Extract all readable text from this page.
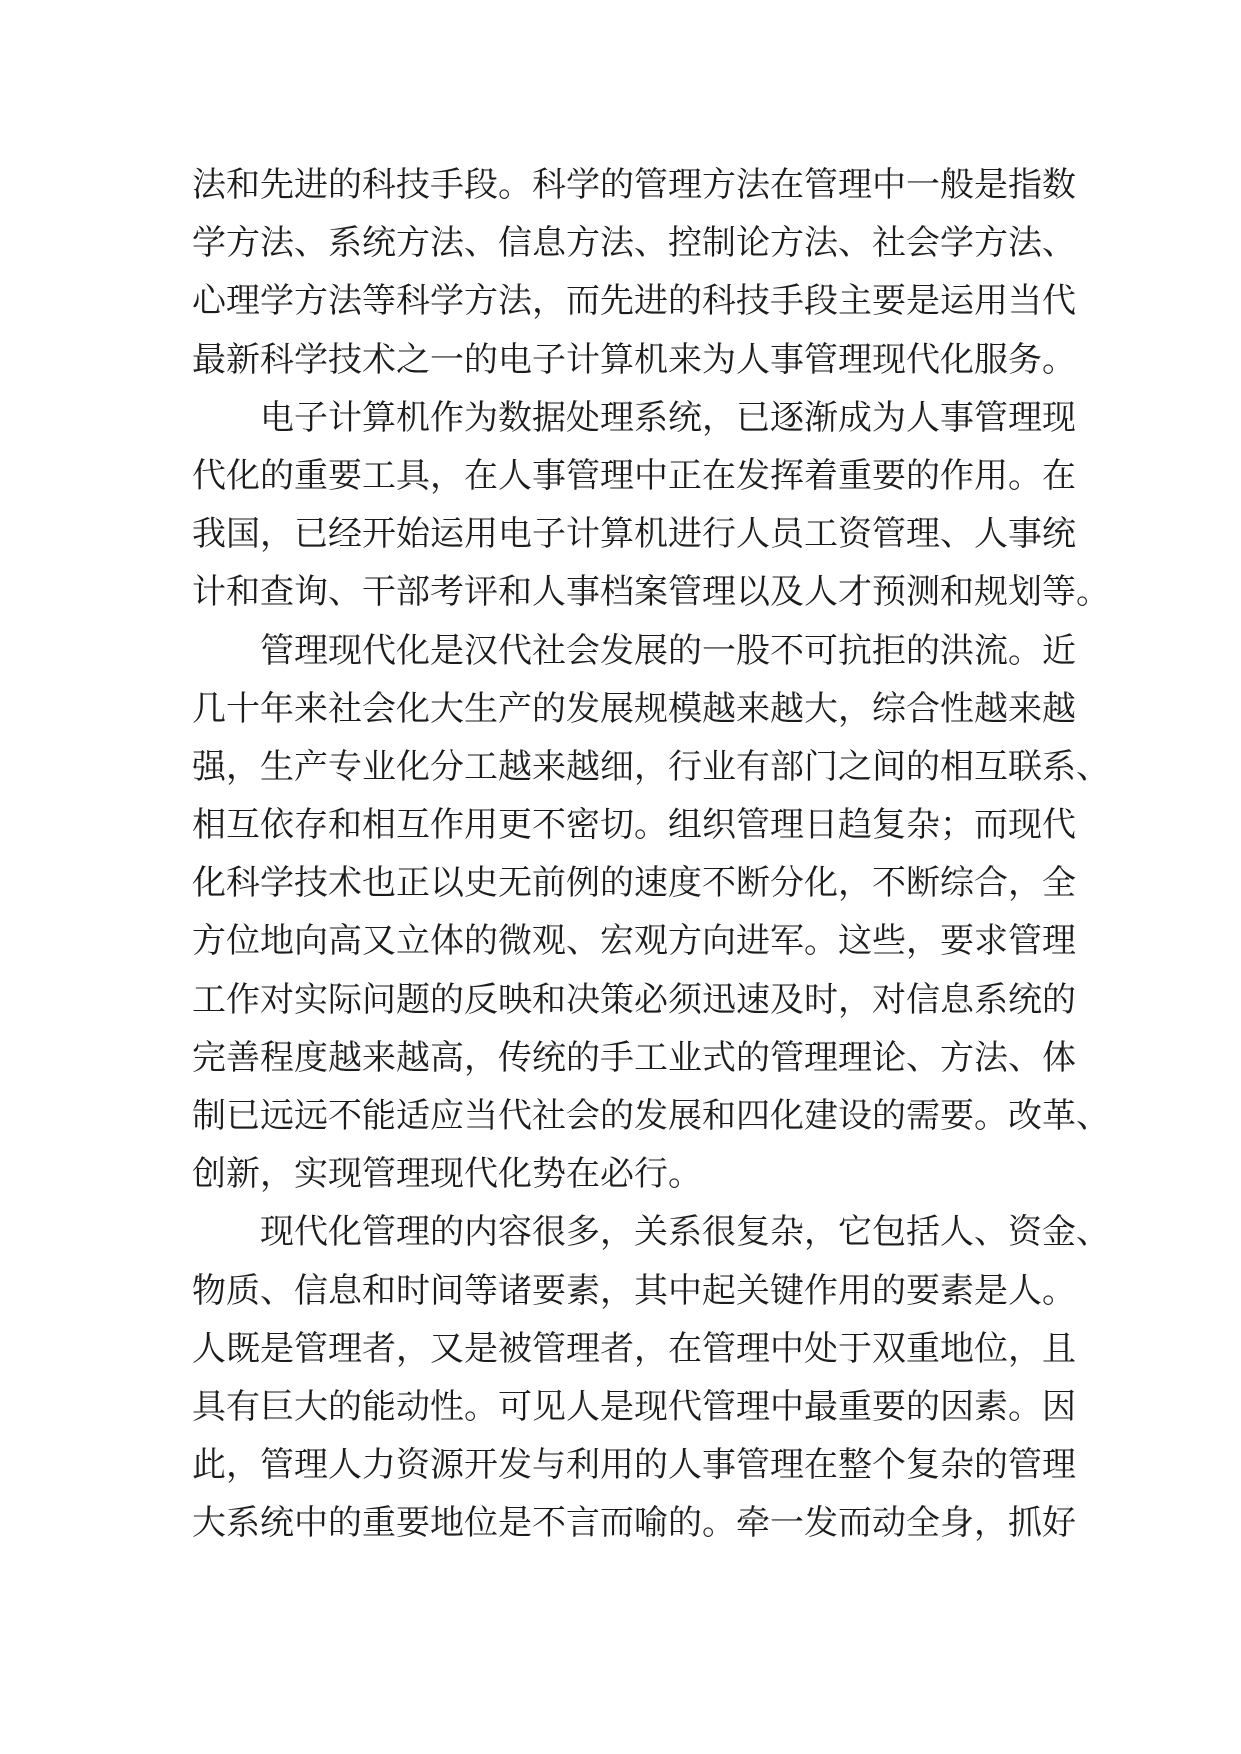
法和先进的科技手段。科学的管理方法在管理中一般是指数
学方法、系统方法、信息方法、控制论方法、社会学方法、
心理学方法等科学方法，而先进的科技手段主要是运用当代
最新科学技术之一的电子计算机来为人事管理现代化服务。
电子计算机作为数据处理系统，已逐渐成为人事管理现
代化的重要工具，在人事管理中正在发挥着重要的作用。在
我国，已经开始运用电子计算机进行人员工资管理、人事统
计和查询、干部考评和人事档案管理以及人才预测和规划等。
管理现代化是汉代社会发展的一股不可抗拒的洪流。近
几十年来社会化大生产的发展规模越来越大，综合性越来越
强，生产专业化分工越来越细，行业有部门之间的相互联系、
相互依存和相互作用更不密切。组织管理日趋复杂；而现代
化科学技术也正以史无前例的速度不断分化，不断综合，全
方位地向高又立体的微观、宏观方向进军。这些，要求管理
工作对实际问题的反映和决策必须迅速及时，对信息系统的
完善程度越来越高，传统的手工业式的管理理论、方法、体
制已远远不能适应当代社会的发展和四化建设的需要。改革、
创新，实现管理现代化势在必行。
现代化管理的内容很多，关系很复杂，它包括人、资金、
物质、信息和时间等诸要素，其中起关键作用的要素是人。
人既是管理者，又是被管理者，在管理中处于双重地位，且
具有巨大的能动性。可见人是现代管理中最重要的因素。因
此，管理人力资源开发与利用的人事管理在整个复杂的管理
大系统中的重要地位是不言而喻的。牵一发而动全身，抓好
